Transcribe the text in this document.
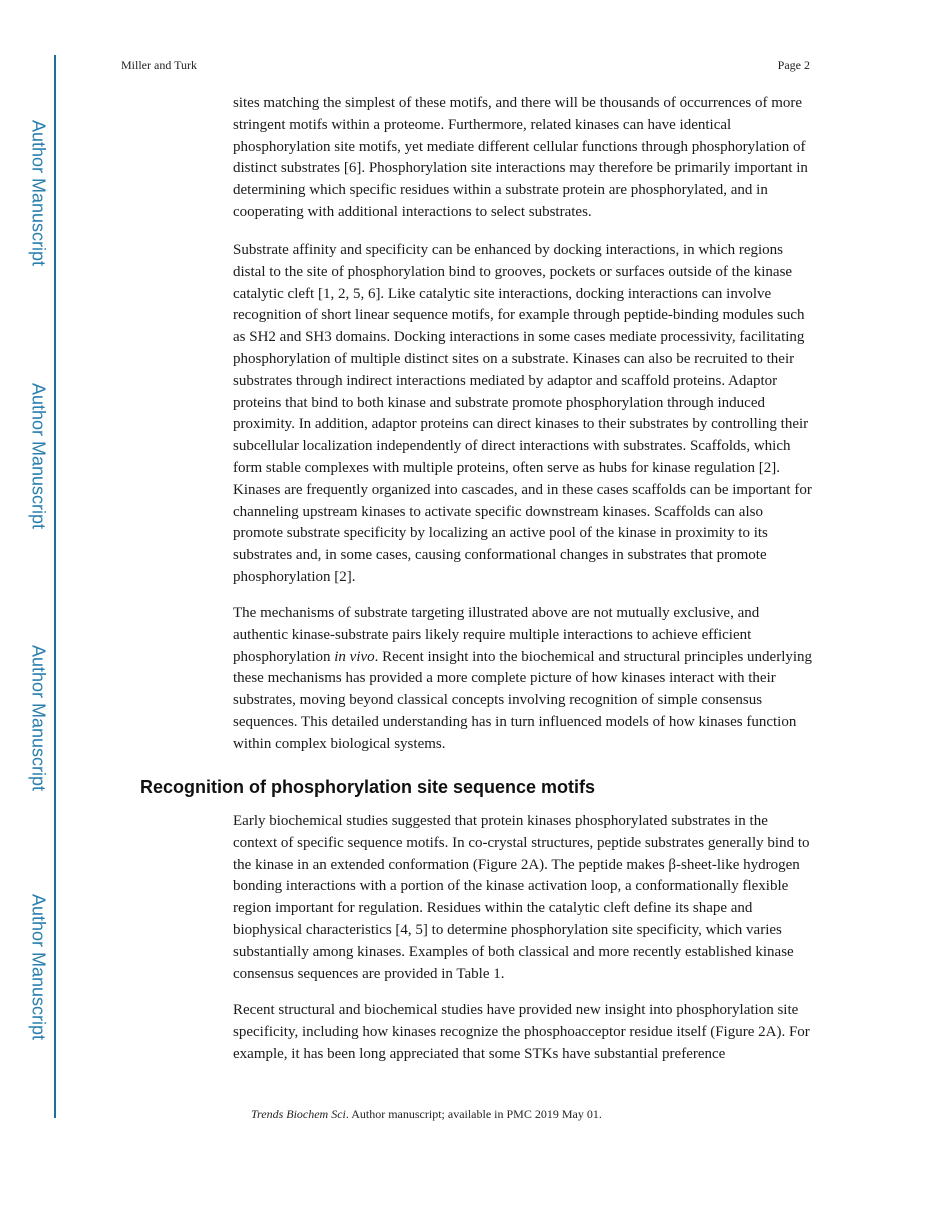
Author Manuscript
Author Manuscript
Author Manuscript
Author Manuscript
Miller and Turk	Page 2

sites matching the simplest of these motifs, and there will be thousands of occurrences of more stringent motifs within a proteome. Furthermore, related kinases can have identical phosphorylation site motifs, yet mediate different cellular functions through phosphorylation of distinct substrates [6]. Phosphorylation site interactions may therefore be primarily important in determining which specific residues within a substrate protein are phosphorylated, and in cooperating with additional interactions to select substrates.

Substrate affinity and specificity can be enhanced by docking interactions, in which regions distal to the site of phosphorylation bind to grooves, pockets or surfaces outside of the kinase catalytic cleft [1, 2, 5, 6]. Like catalytic site interactions, docking interactions can involve recognition of short linear sequence motifs, for example through peptide-binding modules such as SH2 and SH3 domains. Docking interactions in some cases mediate processivity, facilitating phosphorylation of multiple distinct sites on a substrate. Kinases can also be recruited to their substrates through indirect interactions mediated by adaptor and scaffold proteins. Adaptor proteins that bind to both kinase and substrate promote phosphorylation through induced proximity. In addition, adaptor proteins can direct kinases to their substrates by controlling their subcellular localization independently of direct interactions with substrates. Scaffolds, which form stable complexes with multiple proteins, often serve as hubs for kinase regulation [2]. Kinases are frequently organized into cascades, and in these cases scaffolds can be important for channeling upstream kinases to activate specific downstream kinases. Scaffolds can also promote substrate specificity by localizing an active pool of the kinase in proximity to its substrates and, in some cases, causing conformational changes in substrates that promote phosphorylation [2].

The mechanisms of substrate targeting illustrated above are not mutually exclusive, and authentic kinase-substrate pairs likely require multiple interactions to achieve efficient phosphorylation in vivo. Recent insight into the biochemical and structural principles underlying these mechanisms has provided a more complete picture of how kinases interact with their substrates, moving beyond classical concepts involving recognition of simple consensus sequences. This detailed understanding has in turn influenced models of how kinases function within complex biological systems.

Recognition of phosphorylation site sequence motifs

Early biochemical studies suggested that protein kinases phosphorylated substrates in the context of specific sequence motifs. In co-crystal structures, peptide substrates generally bind to the kinase in an extended conformation (Figure 2A). The peptide makes β-sheet-like hydrogen bonding interactions with a portion of the kinase activation loop, a conformationally flexible region important for regulation. Residues within the catalytic cleft define its shape and biophysical characteristics [4, 5] to determine phosphorylation site specificity, which varies substantially among kinases. Examples of both classical and more recently established kinase consensus sequences are provided in Table 1.

Recent structural and biochemical studies have provided new insight into phosphorylation site specificity, including how kinases recognize the phosphoacceptor residue itself (Figure 2A). For example, it has been long appreciated that some STKs have substantial preference

Trends Biochem Sci. Author manuscript; available in PMC 2019 May 01.
